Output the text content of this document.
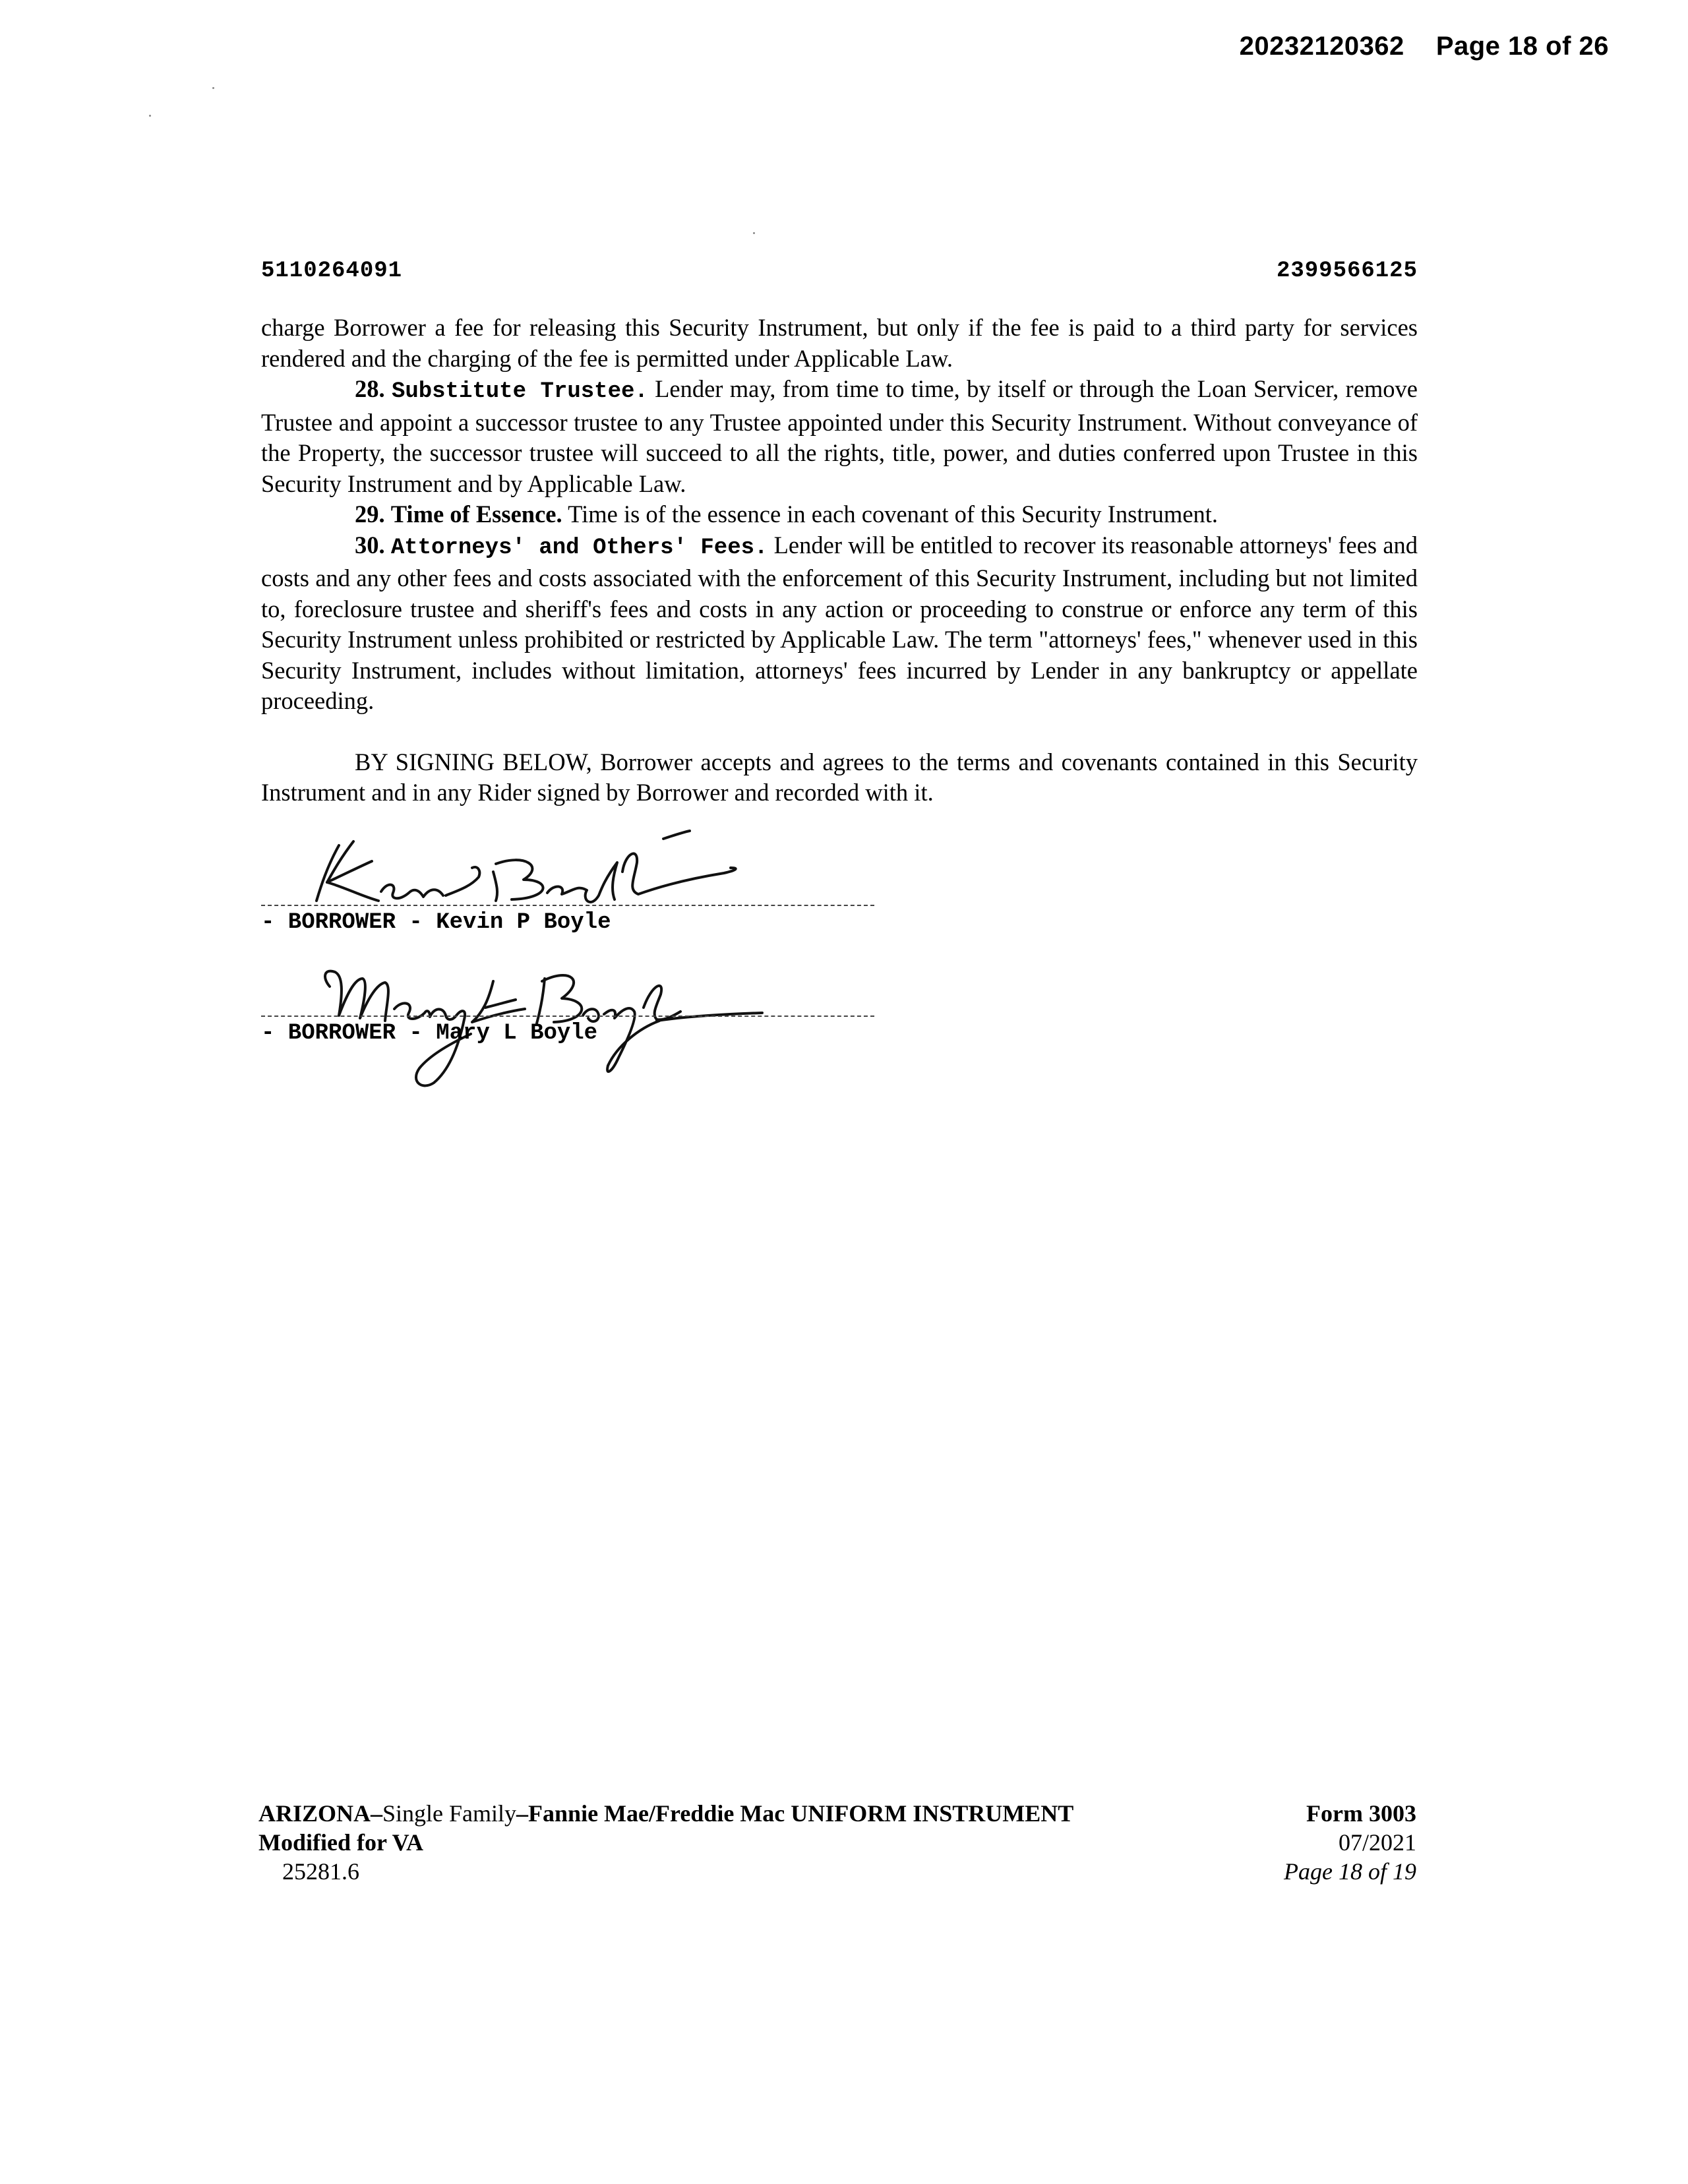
20232120362 Page 18 of 26
5110264091	2399566125

charge Borrower a fee for releasing this Security Instrument, but only if the fee is paid to a third party for services rendered and the charging of the fee is permitted under Applicable Law.

28. Substitute Trustee. Lender may, from time to time, by itself or through the Loan Servicer, remove Trustee and appoint a successor trustee to any Trustee appointed under this Security Instrument. Without conveyance of the Property, the successor trustee will succeed to all the rights, title, power, and duties conferred upon Trustee in this Security Instrument and by Applicable Law.

29. Time of Essence. Time is of the essence in each covenant of this Security Instrument.

30. Attorneys' and Others' Fees. Lender will be entitled to recover its reasonable attorneys' fees and costs and any other fees and costs associated with the enforcement of this Security Instrument, including but not limited to, foreclosure trustee and sheriff's fees and costs in any action or proceeding to construe or enforce any term of this Security Instrument unless prohibited or restricted by Applicable Law. The term "attorneys' fees," whenever used in this Security Instrument, includes without limitation, attorneys' fees incurred by Lender in any bankruptcy or appellate proceeding.

BY SIGNING BELOW, Borrower accepts and agrees to the terms and covenants contained in this Security Instrument and in any Rider signed by Borrower and recorded with it.

- BORROWER - Kevin P Boyle
- BORROWER - Mary L Boyle
ARIZONA–Single Family–Fannie Mae/Freddie Mac UNIFORM INSTRUMENT
Modified for VA
25281.6
Form 3003
07/2021
Page 18 of 19
